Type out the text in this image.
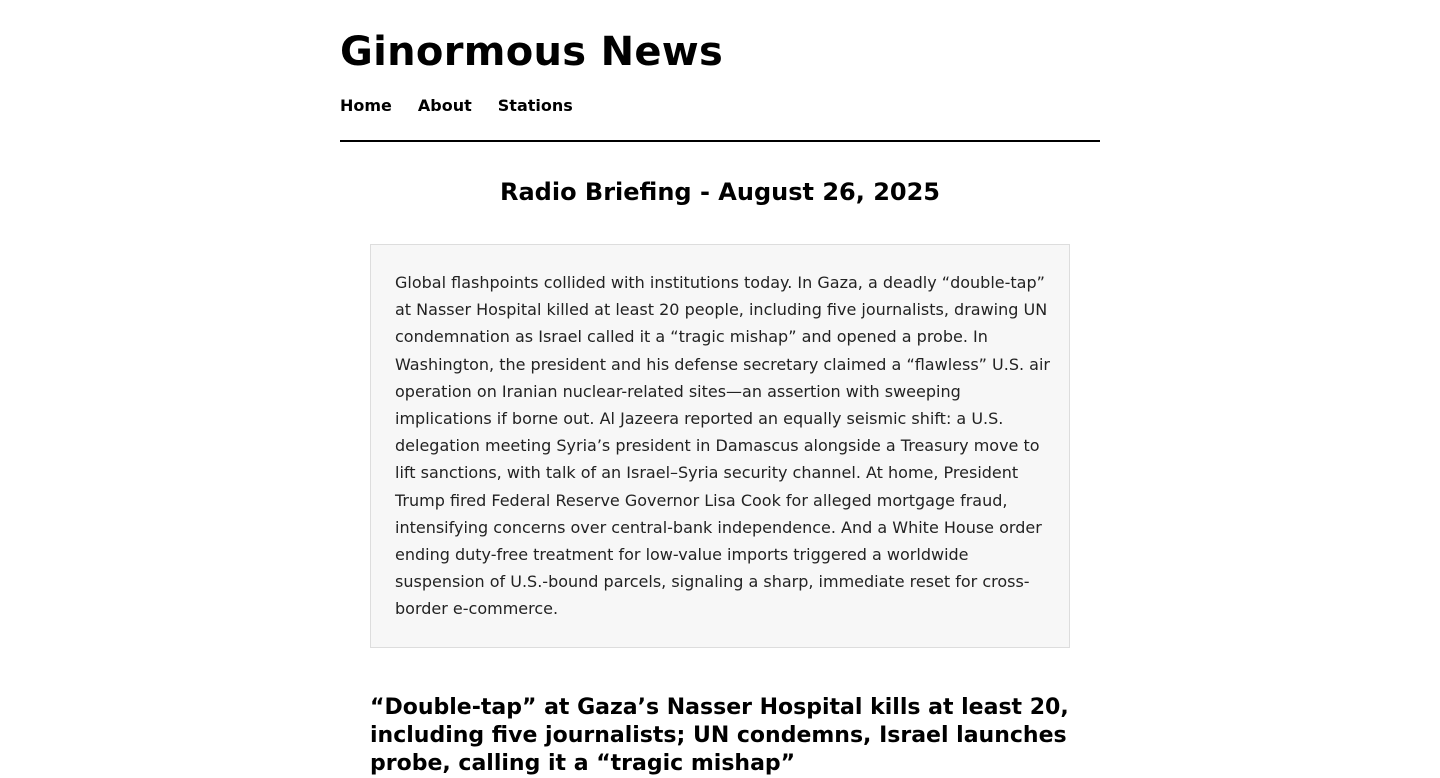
Ginormous News
Home About Stations
Radio Briefing - August 26, 2025

Global flashpoints collided with institutions today. In Gaza, a deadly “double-tap” at Nasser Hospital killed at least 20 people, including five journalists, drawing UN condemnation as Israel called it a “tragic mishap” and opened a probe. In Washington, the president and his defense secretary claimed a “flawless” U.S. air operation on Iranian nuclear-related sites—an assertion with sweeping implications if borne out. Al Jazeera reported an equally seismic shift: a U.S. delegation meeting Syria’s president in Damascus alongside a Treasury move to lift sanctions, with talk of an Israel–Syria security channel. At home, President Trump fired Federal Reserve Governor Lisa Cook for alleged mortgage fraud, intensifying concerns over central-bank independence. And a White House order ending duty-free treatment for low-value imports triggered a worldwide suspension of U.S.-bound parcels, signaling a sharp, immediate reset for cross-border e-commerce.

“Double-tap” at Gaza’s Nasser Hospital kills at least 20, including five journalists; UN condemns, Israel launches probe, calling it a “tragic mishap”
